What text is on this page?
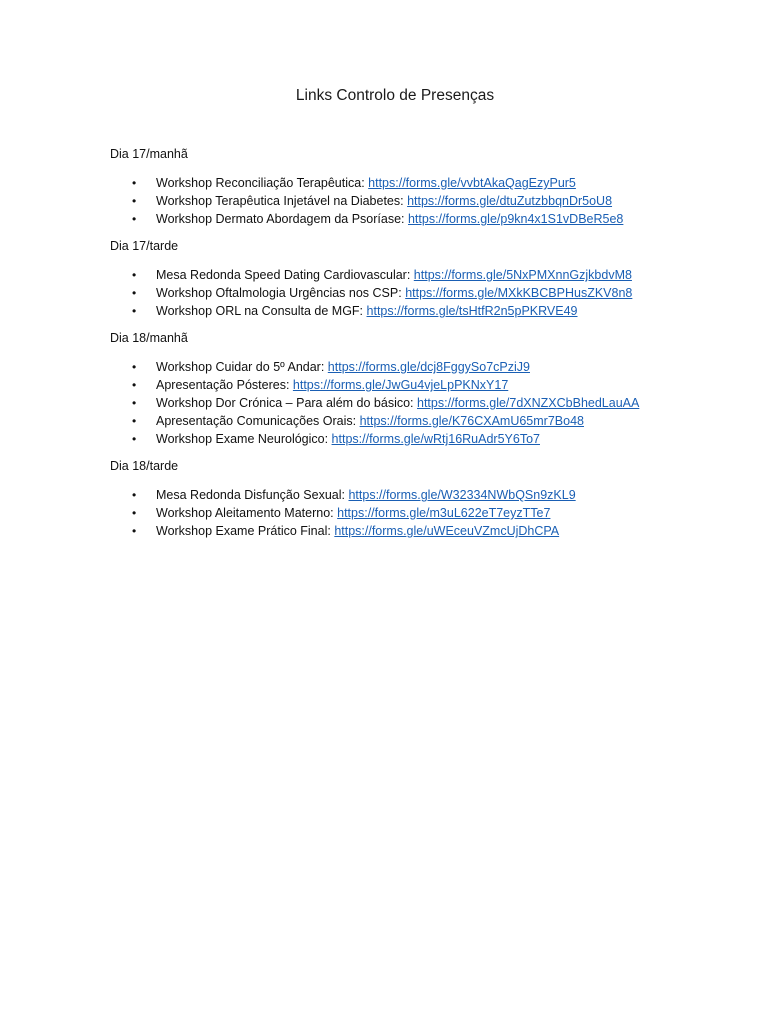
Links Controlo de Presenças

Dia 17/manhã

• Workshop Reconciliação Terapêutica: https://forms.gle/vvbtAkaQagEzyPur5
• Workshop Terapêutica Injetável na Diabetes: https://forms.gle/dtuZutzbbqnDr5oU8
• Workshop Dermato Abordagem da Psoríase: https://forms.gle/p9kn4x1S1vDBeR5e8

Dia 17/tarde

• Mesa Redonda Speed Dating Cardiovascular: https://forms.gle/5NxPMXnnGzjkbdvM8
• Workshop Oftalmologia Urgências nos CSP: https://forms.gle/MXkKBCBPHusZKV8n8
• Workshop ORL na Consulta de MGF: https://forms.gle/tsHtfR2n5pPKRVE49

Dia 18/manhã

• Workshop Cuidar do 5º Andar: https://forms.gle/dcj8FggySo7cPziJ9
• Apresentação Pósteres: https://forms.gle/JwGu4vjeLpPKNxY17
• Workshop Dor Crónica – Para além do básico: https://forms.gle/7dXNZXCbBhedLauAA
• Apresentação Comunicações Orais: https://forms.gle/K76CXAmU65mr7Bo48
• Workshop Exame Neurológico: https://forms.gle/wRtj16RuAdr5Y6To7

Dia 18/tarde

• Mesa Redonda Disfunção Sexual: https://forms.gle/W32334NWbQSn9zKL9
• Workshop Aleitamento Materno: https://forms.gle/m3uL622eT7eyzTTe7
• Workshop Exame Prático Final: https://forms.gle/uWEceuVZmcUjDhCPA
